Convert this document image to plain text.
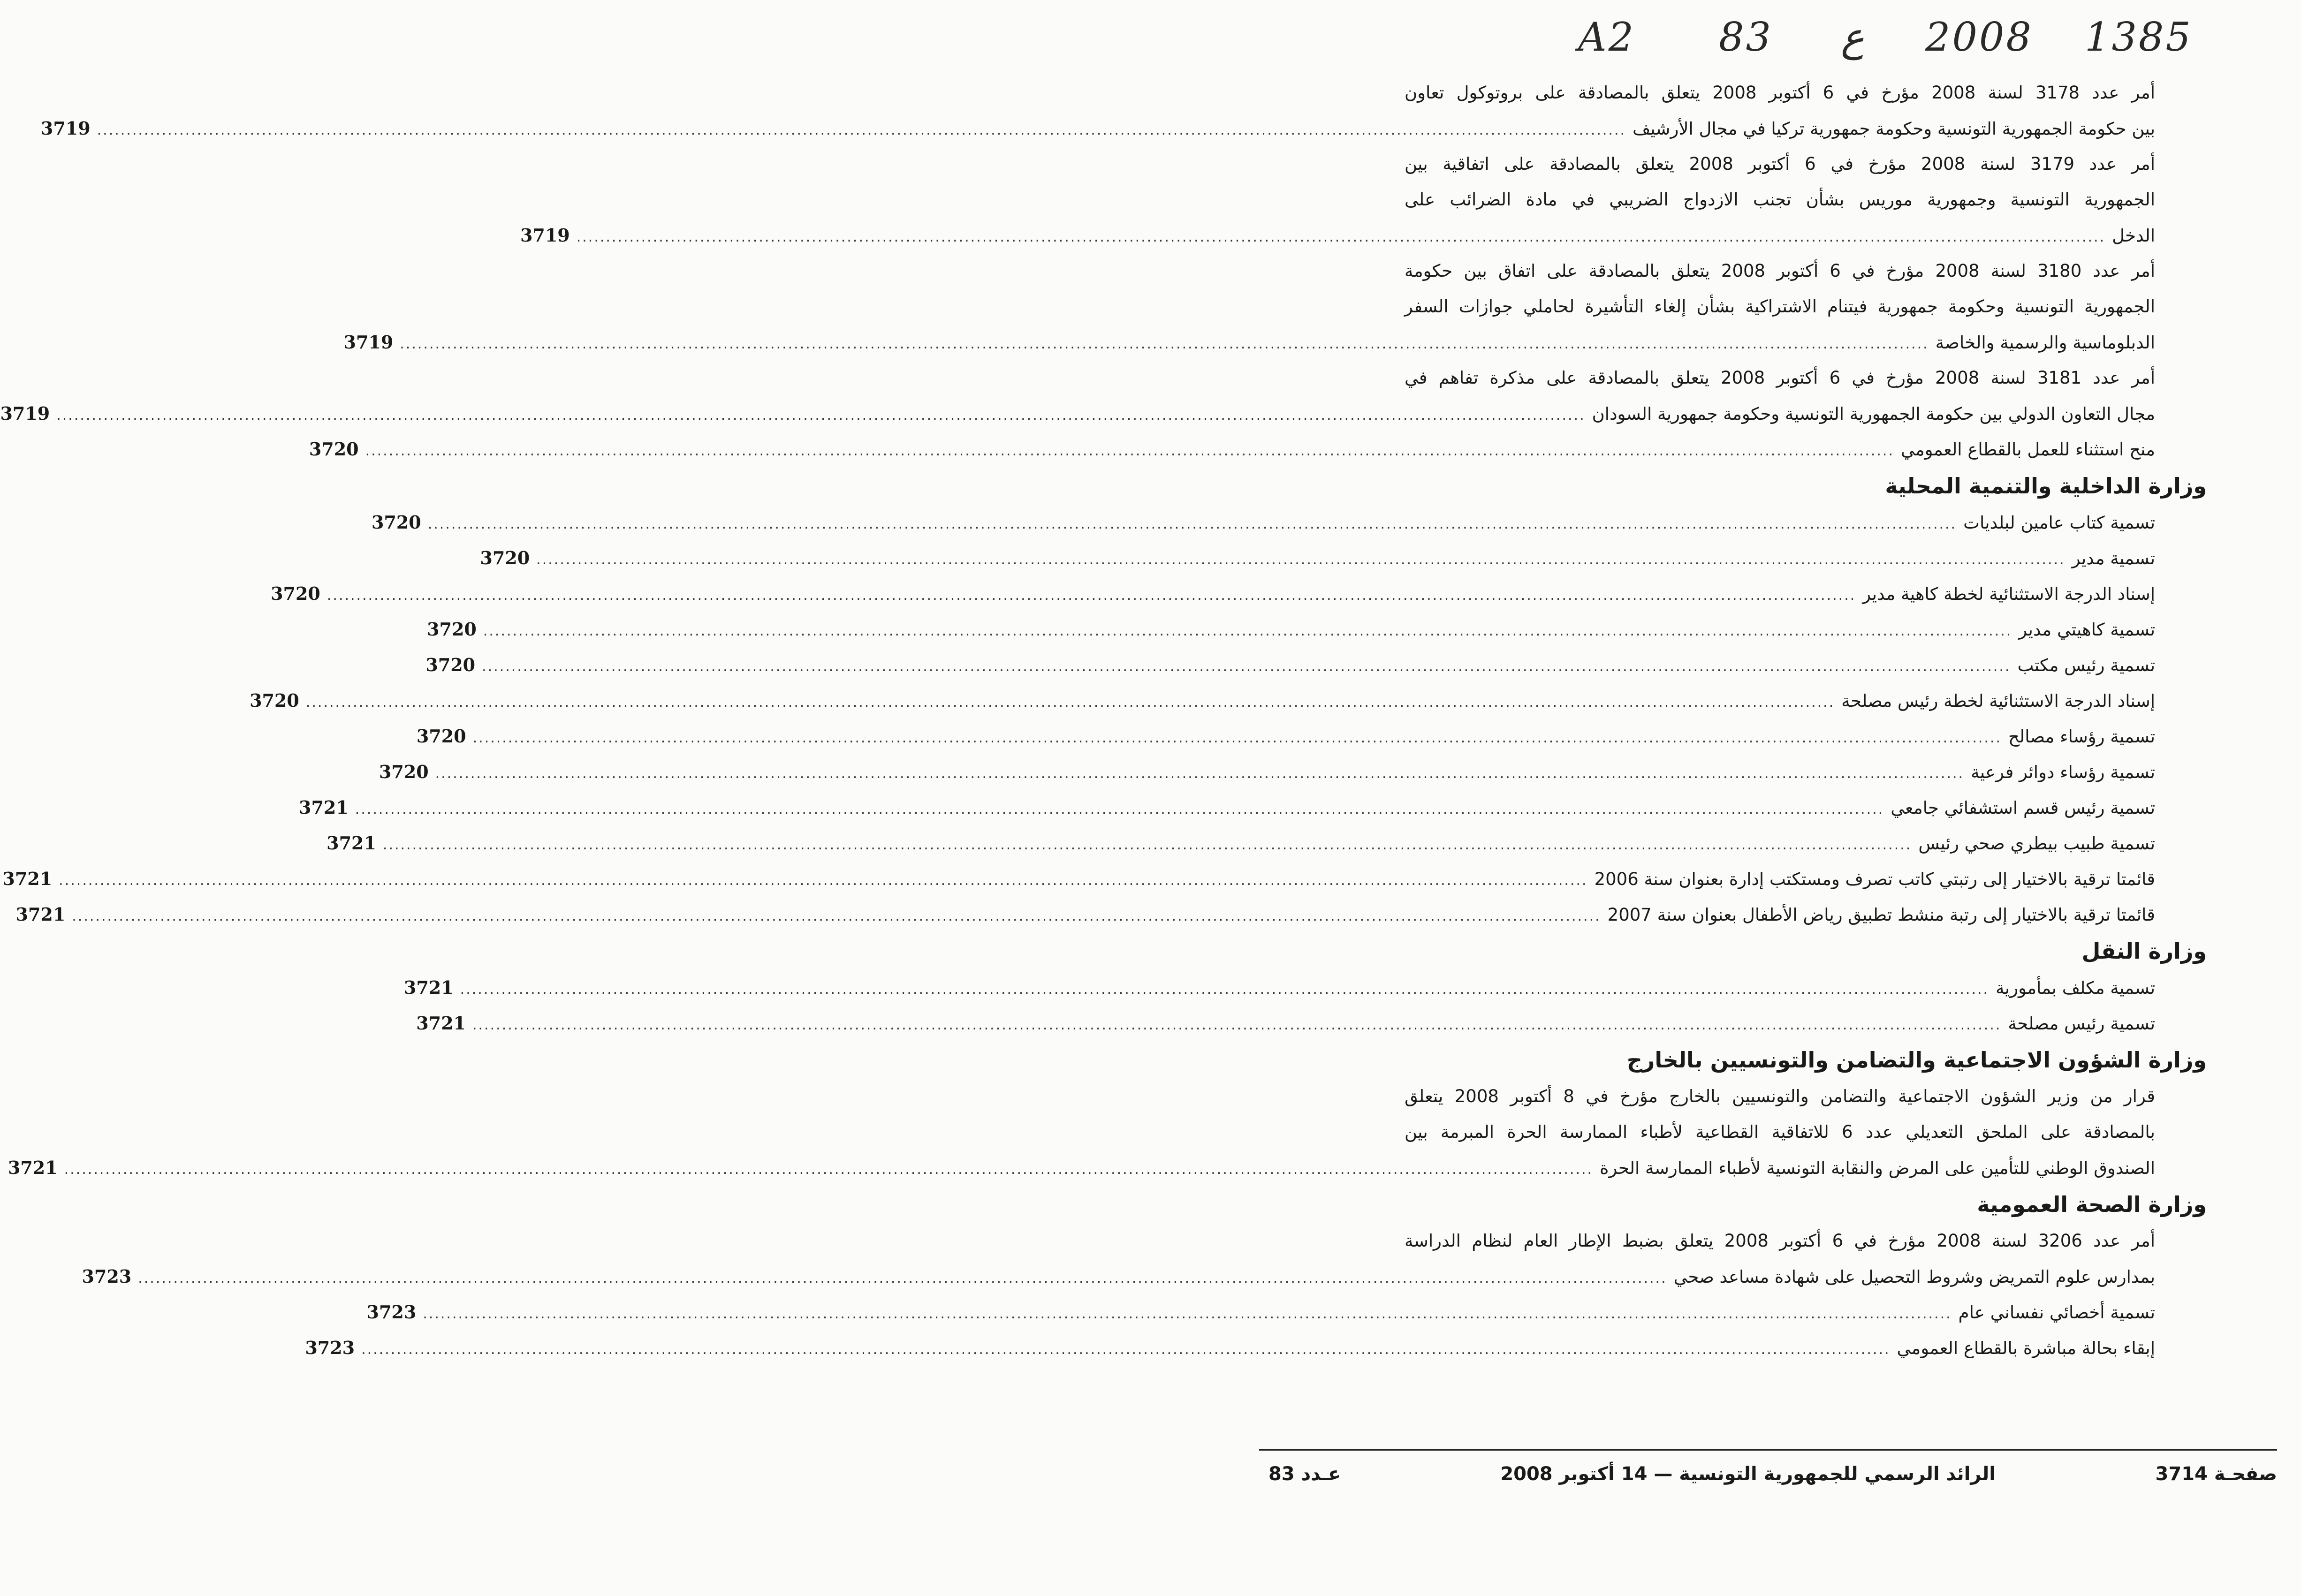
A2 83 ع 2008 1385
أمر عدد 3178 لسنة 2008 مؤرخ في 6 أكتوبر 2008 يتعلق بالمصادقة على بروتوكول تعاون
بين حكومة الجمهورية التونسية وحكومة جمهورية تركيا في مجال الأرشيف
....................................................................................................................................................................................................................................................................
3719
أمر عدد 3179 لسنة 2008 مؤرخ في 6 أكتوبر 2008 يتعلق بالمصادقة على اتفاقية بين
الجمهورية التونسية وجمهورية موريس بشأن تجنب الازدواج الضريبي في مادة الضرائب على
الدخل
....................................................................................................................................................................................................................................................................
3719
أمر عدد 3180 لسنة 2008 مؤرخ في 6 أكتوبر 2008 يتعلق بالمصادقة على اتفاق بين حكومة
الجمهورية التونسية وحكومة جمهورية فيتنام الاشتراكية بشأن إلغاء التأشيرة لحاملي جوازات السفر
الدبلوماسية والرسمية والخاصة
....................................................................................................................................................................................................................................................................
3719
أمر عدد 3181 لسنة 2008 مؤرخ في 6 أكتوبر 2008 يتعلق بالمصادقة على مذكرة تفاهم في
مجال التعاون الدولي بين حكومة الجمهورية التونسية وحكومة جمهورية السودان
....................................................................................................................................................................................................................................................................
3719
منح استثناء للعمل بالقطاع العمومي
....................................................................................................................................................................................................................................................................
3720
وزارة الداخلية والتنمية المحلية
تسمية كتاب عامين لبلديات
....................................................................................................................................................................................................................................................................
3720
تسمية مدير
....................................................................................................................................................................................................................................................................
3720
إسناد الدرجة الاستثنائية لخطة كاهية مدير
....................................................................................................................................................................................................................................................................
3720
تسمية كاهيتي مدير
....................................................................................................................................................................................................................................................................
3720
تسمية رئيس مكتب
....................................................................................................................................................................................................................................................................
3720
إسناد الدرجة الاستثنائية لخطة رئيس مصلحة
....................................................................................................................................................................................................................................................................
3720
تسمية رؤساء مصالح
....................................................................................................................................................................................................................................................................
3720
تسمية رؤساء دوائر فرعية
....................................................................................................................................................................................................................................................................
3720
تسمية رئيس قسم استشفائي جامعي
....................................................................................................................................................................................................................................................................
3721
تسمية طبيب بيطري صحي رئيس
....................................................................................................................................................................................................................................................................
3721
قائمتا ترقية بالاختيار إلى رتبتي كاتب تصرف ومستكتب إدارة بعنوان سنة 2006
....................................................................................................................................................................................................................................................................
3721
قائمتا ترقية بالاختيار إلى رتبة منشط تطبيق رياض الأطفال بعنوان سنة 2007
....................................................................................................................................................................................................................................................................
3721
وزارة النقل
تسمية مكلف بمأمورية
....................................................................................................................................................................................................................................................................
3721
تسمية رئيس مصلحة
....................................................................................................................................................................................................................................................................
3721
وزارة الشؤون الاجتماعية والتضامن والتونسيين بالخارج
قرار من وزير الشؤون الاجتماعية والتضامن والتونسيين بالخارج مؤرخ في 8 أكتوبر 2008 يتعلق
بالمصادقة على الملحق التعديلي عدد 6 للاتفاقية القطاعية لأطباء الممارسة الحرة المبرمة بين
الصندوق الوطني للتأمين على المرض والنقابة التونسية لأطباء الممارسة الحرة
....................................................................................................................................................................................................................................................................
3721
وزارة الصحة العمومية
أمر عدد 3206 لسنة 2008 مؤرخ في 6 أكتوبر 2008 يتعلق بضبط الإطار العام لنظام الدراسة
بمدارس علوم التمريض وشروط التحصيل على شهادة مساعد صحي
....................................................................................................................................................................................................................................................................
3723
تسمية أخصائي نفساني عام
....................................................................................................................................................................................................................................................................
3723
إبقاء بحالة مباشرة بالقطاع العمومي
....................................................................................................................................................................................................................................................................
3723
صفحـة 3714
الرائد الرسمي للجمهورية التونسية — 14 أكتوبر 2008
عـدد 83
